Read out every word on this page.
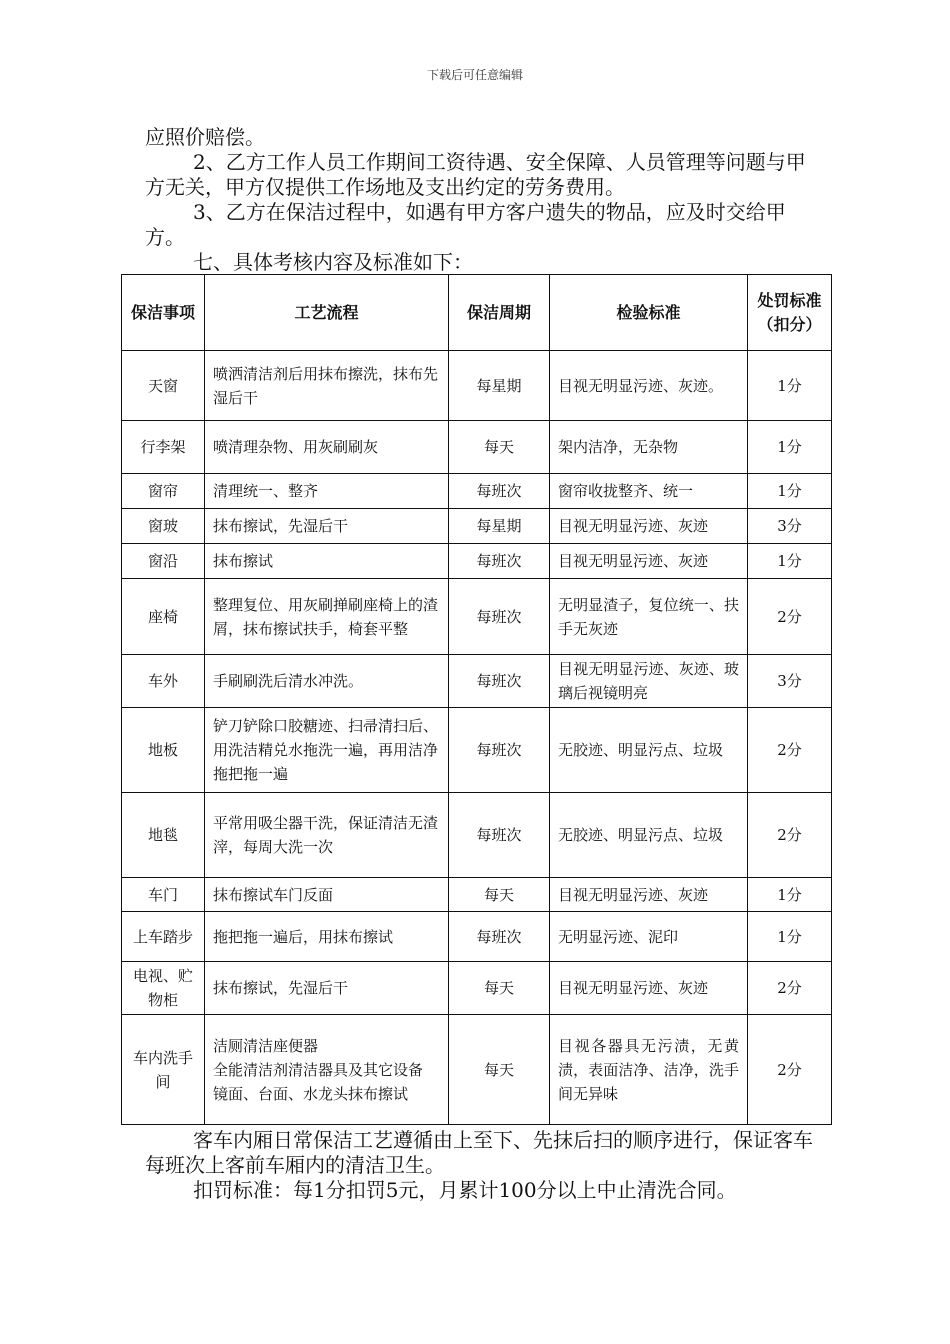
下载后可任意编辑

应照价赔偿。

2、乙方工作人员工作期间工资待遇、安全保障、人员管理等问题与甲方无关，甲方仅提供工作场地及支出约定的劳务费用。

3、乙方在保洁过程中，如遇有甲方客户遗失的物品，应及时交给甲方。

七、具体考核内容及标准如下：

保洁事项	工艺流程	保洁周期	检验标准	处罚标准（扣分）
天窗	喷洒清洁剂后用抹布擦洗，抹布先湿后干	每星期	目视无明显污迹、灰迹。	1分
行李架	喷清理杂物、用灰刷刷灰	每天	架内洁净，无杂物	1分
窗帘	清理统一、整齐	每班次	窗帘收拢整齐、统一	1分
窗玻	抹布擦试，先湿后干	每星期	目视无明显污迹、灰迹	3分
窗沿	抹布擦试	每班次	目视无明显污迹、灰迹	1分
座椅	整理复位、用灰刷掸刷座椅上的渣屑，抹布擦试扶手，椅套平整	每班次	无明显渣子，复位统一、扶手无灰迹	2分
车外	手刷刷洗后清水冲洗。	每班次	目视无明显污迹、灰迹、玻璃后视镜明亮	3分
地板	铲刀铲除口胶糖迹、扫帚清扫后、用洗洁精兑水拖洗一遍，再用洁净拖把拖一遍	每班次	无胶迹、明显污点、垃圾	2分
地毯	平常用吸尘器干洗，保证清洁无渣滓，每周大洗一次	每班次	无胶迹、明显污点、垃圾	2分
车门	抹布擦试车门反面	每天	目视无明显污迹、灰迹	1分
上车踏步	拖把拖一遍后，用抹布擦试	每班次	无明显污迹、泥印	1分
电视、贮物柜	抹布擦试，先湿后干	每天	目视无明显污迹、灰迹	2分
车内洗手间	洁厕清洁座便器
全能清洁剂清洁器具及其它设备
镜面、台面、水龙头抹布擦试	每天	目视各器具无污渍，无黄渍，表面洁净、洁净，洗手间无异味	2分

客车内厢日常保洁工艺遵循由上至下、先抹后扫的顺序进行，保证客车每班次上客前车厢内的清洁卫生。

扣罚标准：每1分扣罚5元，月累计100分以上中止清洗合同。
